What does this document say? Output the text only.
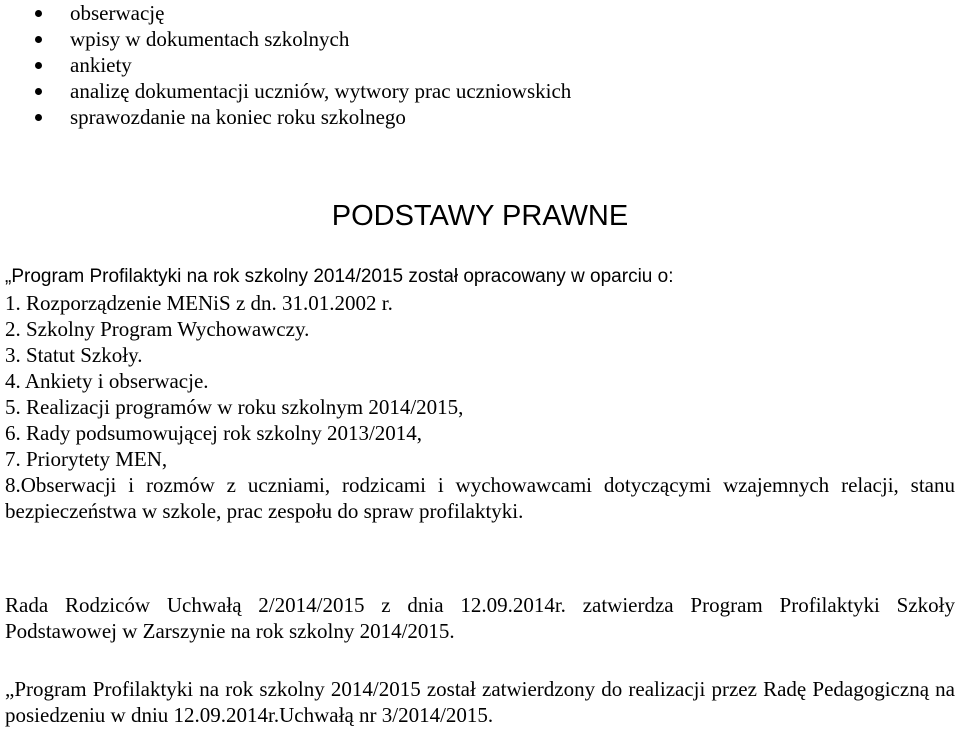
obserwację
wpisy w dokumentach szkolnych
ankiety
analizę dokumentacji uczniów, wytwory prac uczniowskich
sprawozdanie na koniec roku szkolnego
PODSTAWY PRAWNE
„Program Profilaktyki na rok szkolny 2014/2015 został opracowany w oparciu o:
1. Rozporządzenie MENiS z dn. 31.01.2002 r.
2. Szkolny Program Wychowawczy.
3. Statut Szkoły.
4. Ankiety i obserwacje.
5. Realizacji programów w roku szkolnym 2014/2015,
6. Rady podsumowującej rok szkolny 2013/2014,
7. Priorytety MEN,
8.Obserwacji i rozmów z uczniami, rodzicami i wychowawcami dotyczącymi wzajemnych relacji, stanu bezpieczeństwa w szkole, prac zespołu do spraw profilaktyki.

Rada Rodziców Uchwałą 2/2014/2015 z dnia 12.09.2014r. zatwierdza Program Profilaktyki Szkoły Podstawowej w Zarszynie na rok szkolny 2014/2015.

„Program Profilaktyki na rok szkolny 2014/2015 został zatwierdzony do realizacji przez Radę Pedagogiczną na posiedzeniu w dniu 12.09.2014r.Uchwałą nr 3/2014/2015.
